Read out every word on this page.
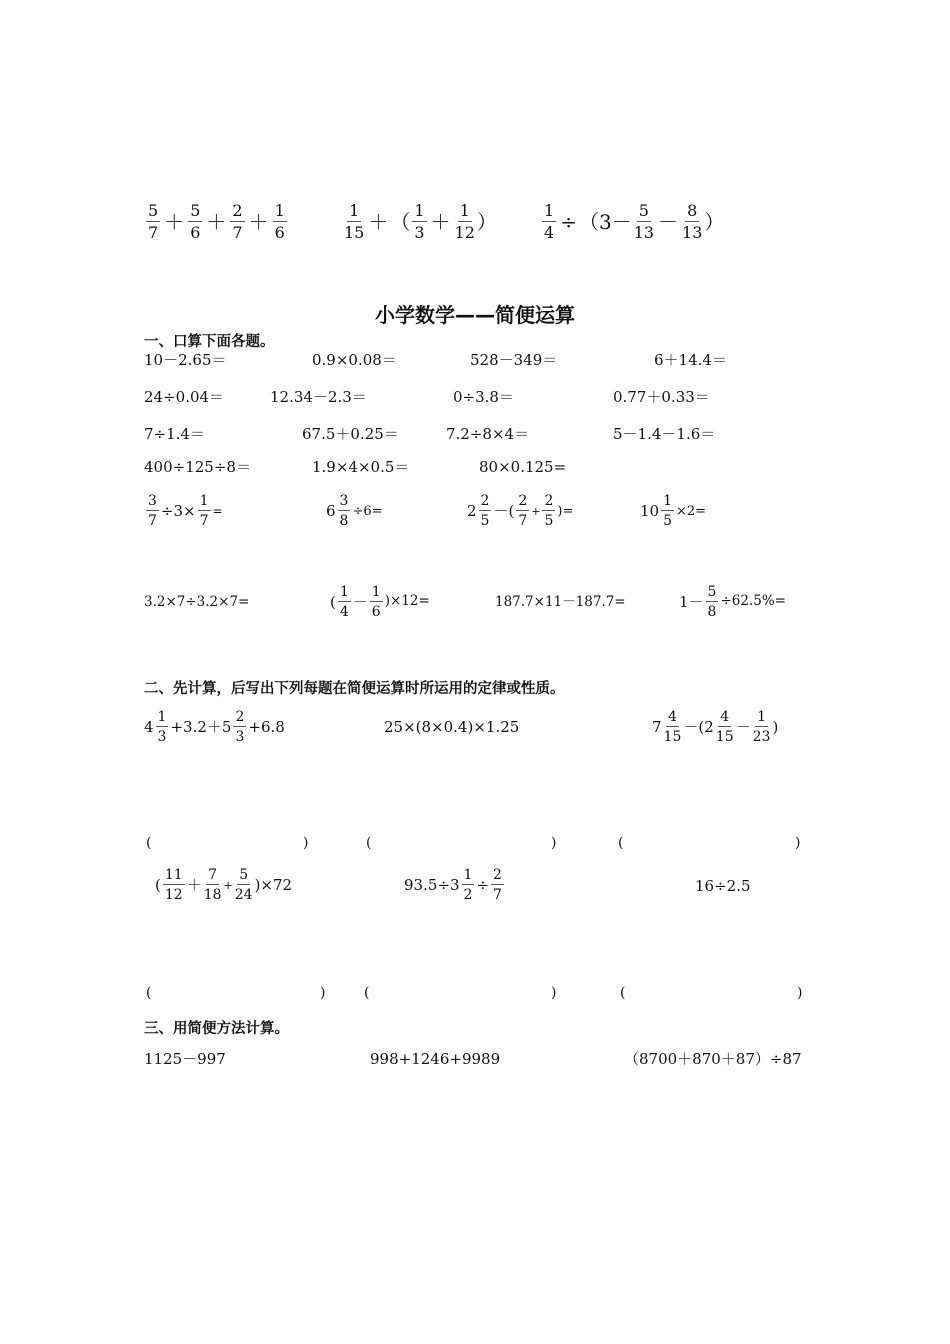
$\frac{5}{7} + \frac{5}{6} + \frac{2}{7} + \frac{1}{6}$	$\frac{1}{15}$ ＋ （ $\frac{1}{3} + \frac{1}{12}$ ）	$\frac{1}{4} \div (3- \frac{5}{13} - \frac{8}{13}$ ）
小学数学——简便运算
一、口算下面各题。
10－2.65＝	0.9×0.08＝	528－349＝	6＋14.4＝
24÷0.04＝	12.34－2.3＝	0÷3.8＝	0.77＋0.33＝
7÷1.4＝	67.5＋0.25＝	7.2÷8×4＝	5－1.4－1.6＝
400÷125÷8＝	1.9×4×0.5＝	80×0.125=
$\frac{3}{7} \div 3\times \frac{1}{7}$ =	$6 \frac{3}{8} \div 6=$	$2 \frac{2}{5}$ －( $\frac{2}{7} + \frac{2}{5}$ )=	$10 \frac{1}{5} \times 2=$
3.2×7÷3.2×7=	( $\frac{1}{4} - \frac{1}{6} )\times 12=$	187.7×11－187.7=	$1- \frac{5}{8} \div 62.5\%=$
二、先计算，后写出下列每题在简便运算时所运用的定律或性质。
$4 \frac{1}{3} +3.2+ 5 \frac{2}{3} +6.8$	25×(8×0.4)×1.25	$7 \frac{4}{15}$ －( $2 \frac{4}{15} - \frac{1}{23}$ )
(	)	(	)	(	)
( $\frac{11}{12} + \frac{7}{18} + \frac{5}{24} )\times 72$	$93.5\div 3 \frac{1}{2} \div \frac{2}{7}$	16÷2.5
(	)	(	)	(	)
三、用简便方法计算。
1125－997	998+1246+9989	（8700＋870＋87）÷87
